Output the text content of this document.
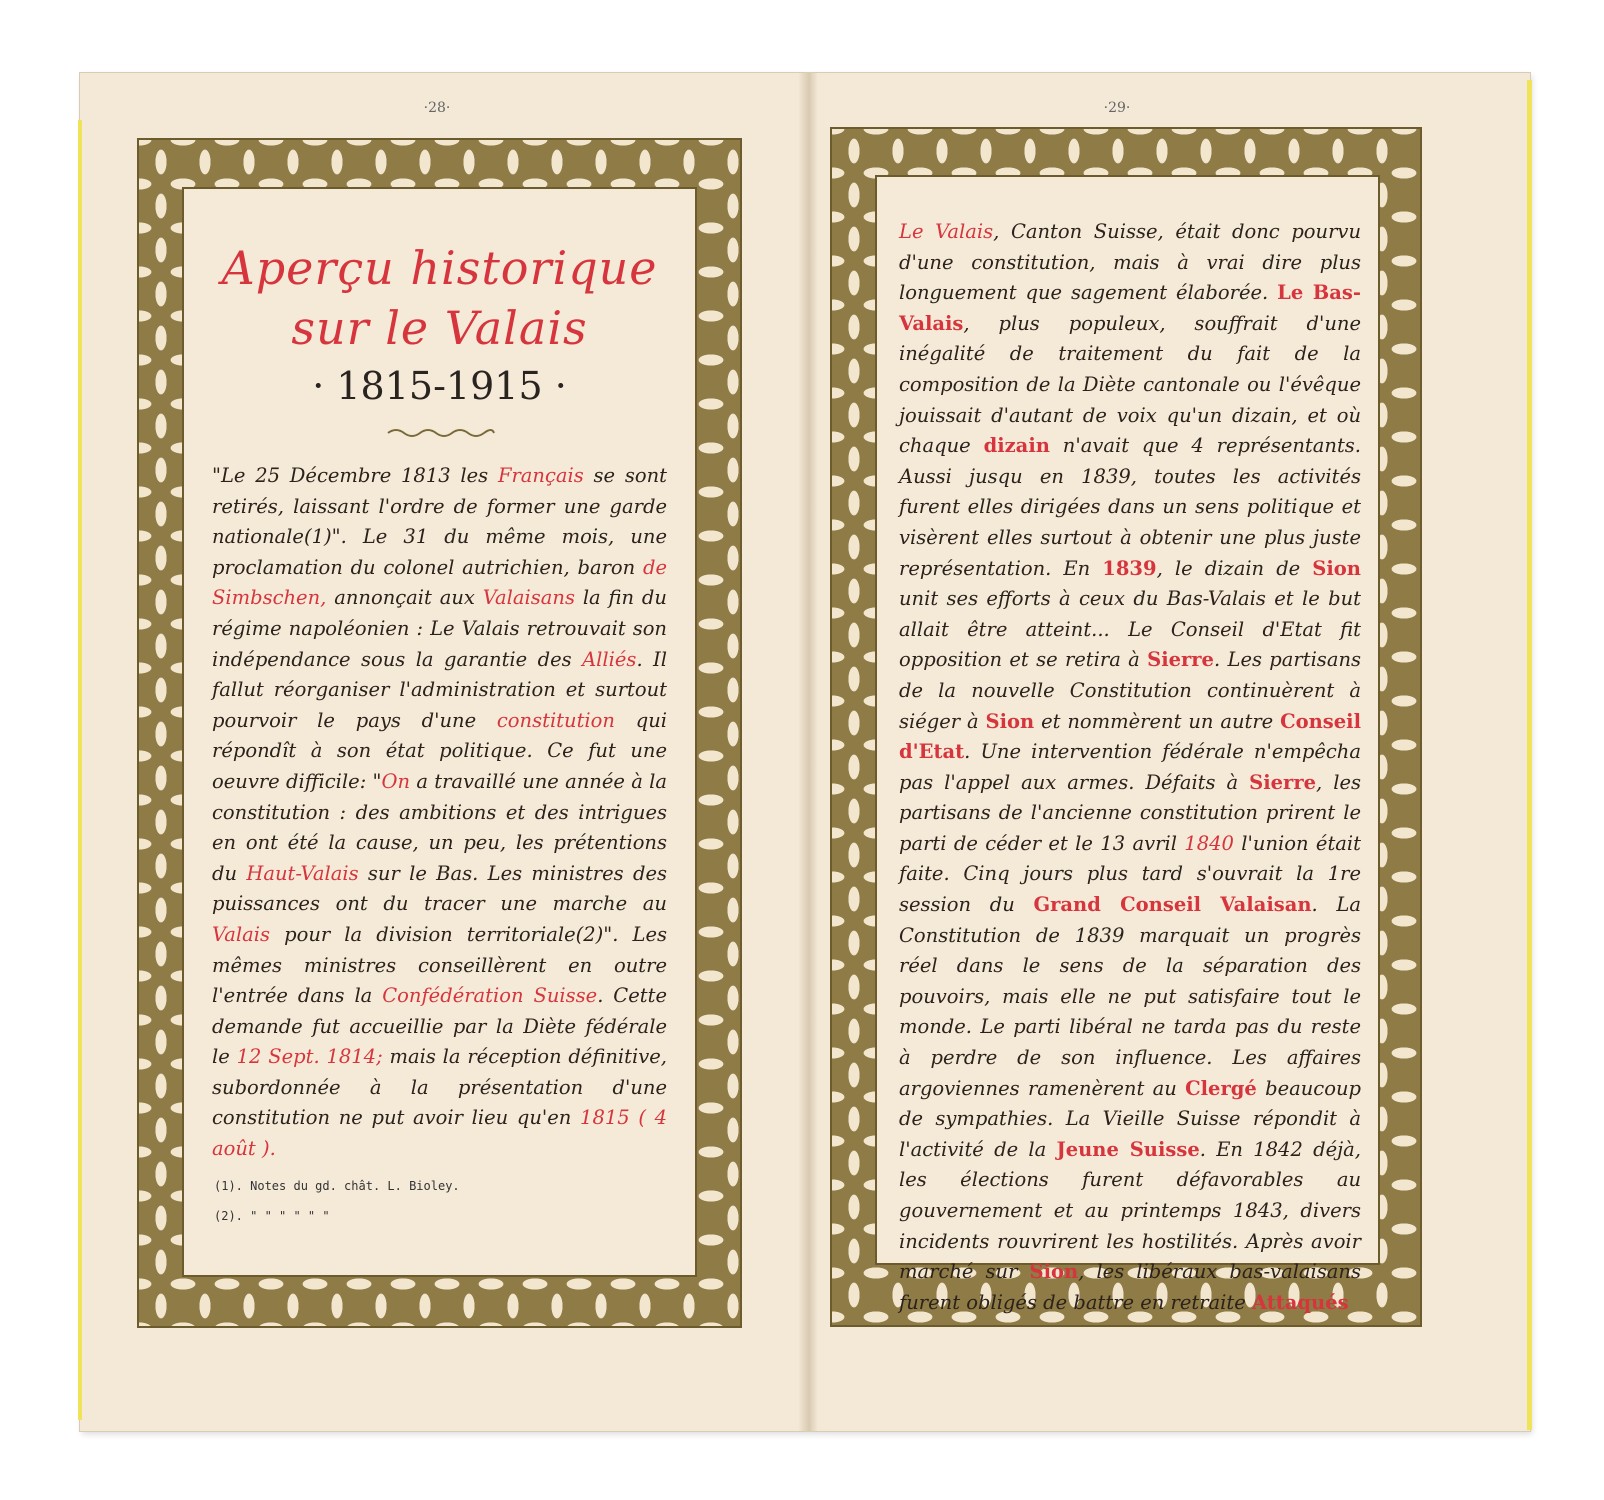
·28·
Aperçu historique
sur le Valais
· 1815-1915 ·
"Le 25 Décembre 1813 les Français se sont retirés, laissant l'ordre de former une garde nationale(1)". Le 31 du même mois, une proclamation du colonel autrichien, baron de Simbschen, annonçait aux Valaisans la fin du régime napoléonien : Le Valais retrouvait son indépendance sous la garantie des Alliés. Il fallut réorganiser l'administration et surtout pourvoir le pays d'une constitution qui répondît à son état politique. Ce fut une oeuvre difficile: "On a travaillé une année à la constitution : des ambitions et des intrigues en ont été la cause, un peu, les prétentions du Haut-Valais sur le Bas. Les ministres des puissances ont du tracer une marche au Valais pour la division territoriale(2)". Les mêmes ministres conseillèrent en outre l'entrée dans la Confédération Suisse. Cette demande fut accueillie par la Diète fédérale le 12 Sept. 1814; mais la réception définitive, subordonnée à la présentation d'une constitution ne put avoir lieu qu'en 1815 ( 4 août ).
(1). Notes du gd. chât. L. Bioley.
(2). " " " " " "
·29·
Le Valais, Canton Suisse, était donc pourvu d'une constitution, mais à vrai dire plus longuement que sagement élaborée. Le Bas-Valais, plus populeux, souffrait d'une inégalité de traitement du fait de la composition de la Diète cantonale ou l'évêque jouissait d'autant de voix qu'un dizain, et où chaque dizain n'avait que 4 représentants. Aussi jusqu en 1839, toutes les activités furent elles dirigées dans un sens politique et visèrent elles surtout à obtenir une plus juste représentation. En 1839, le dizain de Sion unit ses efforts à ceux du Bas-Valais et le but allait être atteint... Le Conseil d'Etat fit opposition et se retira à Sierre. Les partisans de la nouvelle Constitution continuèrent à siéger à Sion et nommèrent un autre Conseil d'Etat. Une intervention fédérale n'empêcha pas l'appel aux armes. Défaits à Sierre, les partisans de l'ancienne constitution prirent le parti de céder et le 13 avril 1840 l'union était faite. Cinq jours plus tard s'ouvrait la 1re session du Grand Conseil Valaisan. La Constitution de 1839 marquait un progrès réel dans le sens de la séparation des pouvoirs, mais elle ne put satisfaire tout le monde. Le parti libéral ne tarda pas du reste à perdre de son influence. Les affaires argoviennes ramenèrent au Clergé beaucoup de sympathies. La Vieille Suisse répondit à l'activité de la Jeune Suisse. En 1842 déjà, les élections furent défavorables au gouvernement et au printemps 1843, divers incidents rouvrirent les hostilités. Après avoir marché sur Sion, les libéraux bas-valaisans furent obligés de battre en retraite Attaqués
